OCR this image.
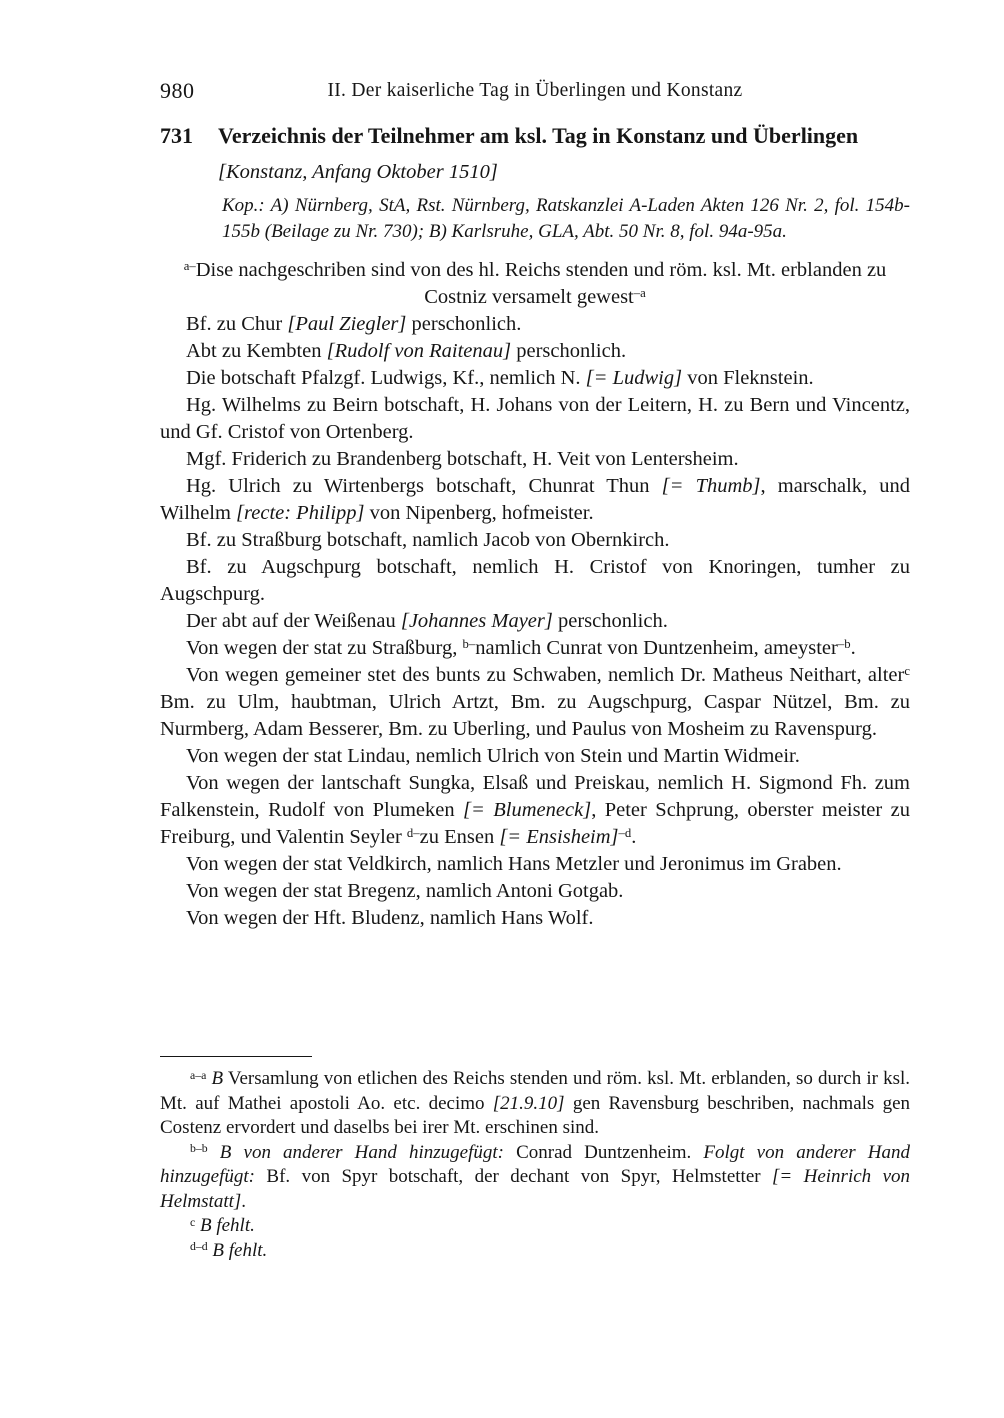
980	II. Der kaiserliche Tag in Überlingen und Konstanz
731	Verzeichnis der Teilnehmer am ksl. Tag in Konstanz und Überlingen

[Konstanz, Anfang Oktober 1510]

Kop.: A) Nürnberg, StA, Rst. Nürnberg, Ratskanzlei A-Laden Akten 126 Nr. 2, fol. 154b-155b (Beilage zu Nr. 730); B) Karlsruhe, GLA, Abt. 50 Nr. 8, fol. 94a-95a.

$^{a-}$Dise nachgeschriben sind von des hl. Reichs stenden und röm. ksl. Mt. erblanden zu Costniz versamelt gewest$^{-a}$

Bf. zu Chur [Paul Ziegler] perschonlich.

Abt zu Kembten [Rudolf von Raitenau] perschonlich.

Die botschaft Pfalzgf. Ludwigs, Kf., nemlich N. [= Ludwig] von Fleknstein.

Hg. Wilhelms zu Beirn botschaft, H. Johans von der Leitern, H. zu Bern und Vincentz, und Gf. Cristof von Ortenberg.

Mgf. Friderich zu Brandenberg botschaft, H. Veit von Lentersheim.

Hg. Ulrich zu Wirtenbergs botschaft, Chunrat Thun [= Thumb], marschalk, und Wilhelm [recte: Philipp] von Nipenberg, hofmeister.

Bf. zu Straßburg botschaft, namlich Jacob von Obernkirch.

Bf. zu Augschpurg botschaft, nemlich H. Cristof von Knoringen, tumher zu Augschpurg.

Der abt auf der Weißenau [Johannes Mayer] perschonlich.

Von wegen der stat zu Straßburg, $^{b-}$namlich Cunrat von Duntzenheim, ameyster$^{-b}$.

Von wegen gemeiner stet des bunts zu Schwaben, nemlich Dr. Matheus Neithart, alter$^c$ Bm. zu Ulm, haubtman, Ulrich Artzt, Bm. zu Augschpurg, Caspar Nützel, Bm. zu Nurmberg, Adam Besserer, Bm. zu Uberling, und Paulus von Mosheim zu Ravenspurg.

Von wegen der stat Lindau, nemlich Ulrich von Stein und Martin Widmeir.

Von wegen der lantschaft Sungka, Elsaß und Preiskau, nemlich H. Sigmond Fh. zum Falkenstein, Rudolf von Plumeken [= Blumeneck], Peter Schprung, oberster meister zu Freiburg, und Valentin Seyler $^{d-}$zu Ensen [= Ensisheim]$^{-d}$.

Von wegen der stat Veldkirch, namlich Hans Metzler und Jeronimus im Graben.

Von wegen der stat Bregenz, namlich Antoni Gotgab.

Von wegen der Hft. Bludenz, namlich Hans Wolf.

$^{a-a}$ B Versamlung von etlichen des Reichs stenden und röm. ksl. Mt. erblanden, so durch ir ksl. Mt. auf Mathei apostoli Ao. etc. decimo [21.9.10] gen Ravensburg beschriben, nachmals gen Costenz ervordert und daselbs bei irer Mt. erschinen sind.

$^{b-b}$ B von anderer Hand hinzugefügt: Conrad Duntzenheim. Folgt von anderer Hand hinzugefügt: Bf. von Spyr botschaft, der dechant von Spyr, Helmstetter [= Heinrich von Helmstatt].

$^c$ B fehlt.

$^{d-d}$ B fehlt.
